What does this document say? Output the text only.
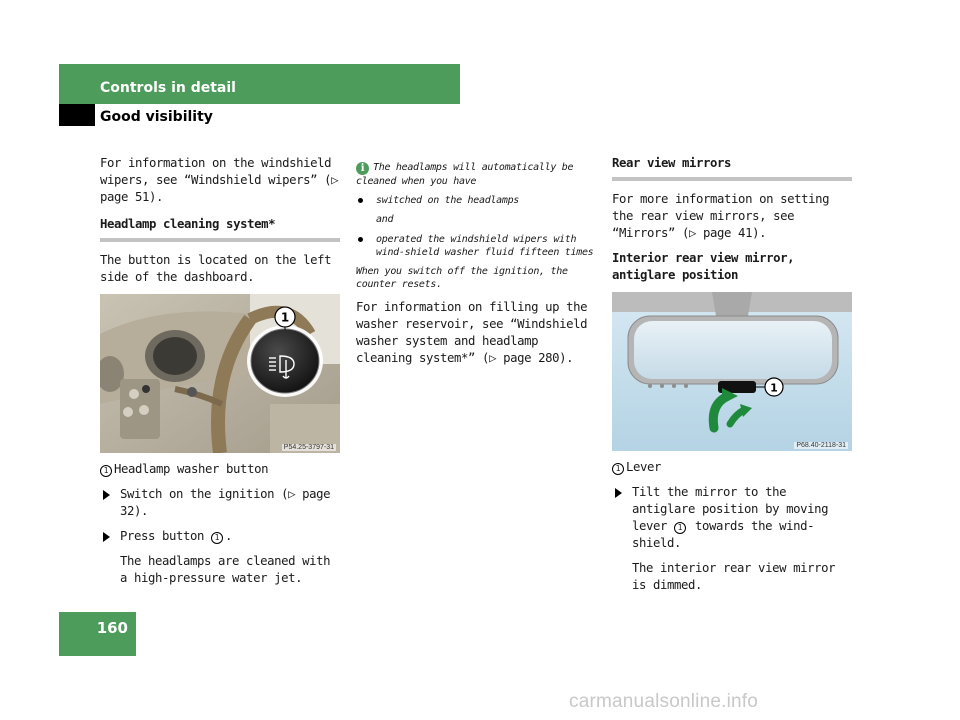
Controls in detail
Good visibility

For information on the windshield wipers, see “Windshield wipers” (▷ page 51).

Headlamp cleaning system*

The button is located on the left side of the dashboard.

1
P54.25-3797-31

1 Headlamp washer button

Switch on the ignition (▷ page 32).
Press button 1 .

The headlamps are cleaned with a high-pressure water jet.

i The headlamps will automatically be cleaned when you have

switched on the headlamps

and

operated the windshield wipers with wind-shield washer fluid fifteen times

When you switch off the ignition, the counter resets.

For information on filling up the washer reservoir, see “Windshield washer system and headlamp cleaning system*” (▷ page 280).

Rear view mirrors

For more information on setting the rear view mirrors, see “Mirrors” (▷ page 41).

Interior rear view mirror, antiglare position
1
P68.40-2118-31

1 Lever

Tilt the mirror to the antiglare position by moving lever 1 towards the wind-shield.

The interior rear view mirror is dimmed.

160
carmanualsonline.info
